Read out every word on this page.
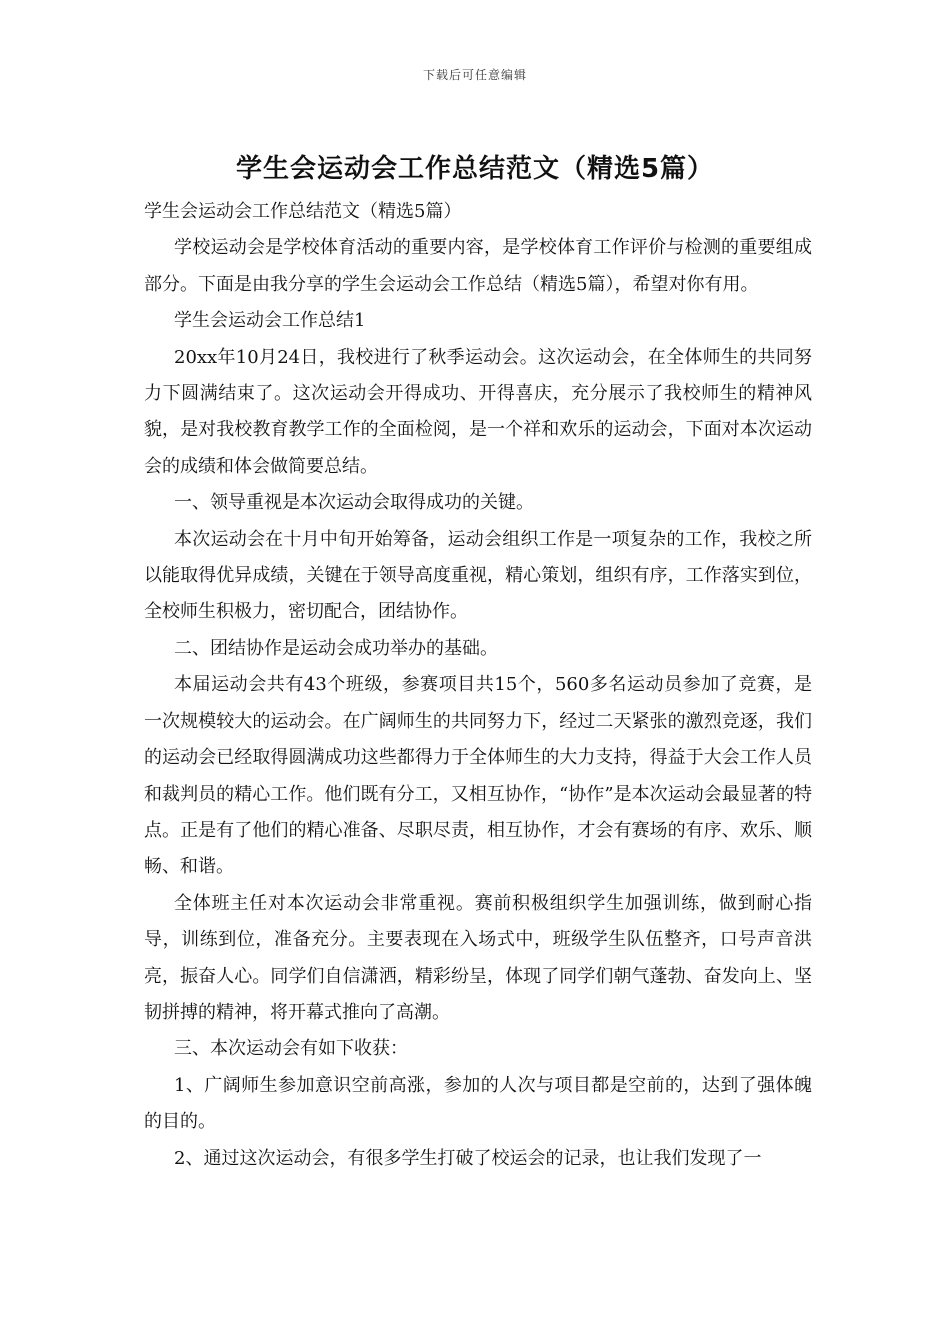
下载后可任意编辑
学生会运动会工作总结范文（精选5篇）

学生会运动会工作总结范文（精选5篇）

学校运动会是学校体育活动的重要内容，是学校体育工作评价与检测的重要组成部分。下面是由我分享的学生会运动会工作总结（精选5篇），希望对你有用。

学生会运动会工作总结1

20xx年10月24日，我校进行了秋季运动会。这次运动会，在全体师生的共同努力下圆满结束了。这次运动会开得成功、开得喜庆，充分展示了我校师生的精神风貌，是对我校教育教学工作的全面检阅，是一个祥和欢乐的运动会，下面对本次运动会的成绩和体会做简要总结。

一、领导重视是本次运动会取得成功的关键。

本次运动会在十月中旬开始筹备，运动会组织工作是一项复杂的工作，我校之所以能取得优异成绩，关键在于领导高度重视，精心策划，组织有序，工作落实到位，全校师生积极力，密切配合，团结协作。

二、团结协作是运动会成功举办的基础。

本届运动会共有43个班级，参赛项目共15个，560多名运动员参加了竞赛，是一次规模较大的运动会。在广阔师生的共同努力下，经过二天紧张的激烈竞逐，我们的运动会已经取得圆满成功这些都得力于全体师生的大力支持，得益于大会工作人员和裁判员的精心工作。他们既有分工，又相互协作，“协作”是本次运动会最显著的特点。正是有了他们的精心准备、尽职尽责，相互协作，才会有赛场的有序、欢乐、顺畅、和谐。

全体班主任对本次运动会非常重视。赛前积极组织学生加强训练，做到耐心指导，训练到位，准备充分。主要表现在入场式中，班级学生队伍整齐，口号声音洪亮，振奋人心。同学们自信潇洒，精彩纷呈，体现了同学们朝气蓬勃、奋发向上、坚韧拼搏的精神，将开幕式推向了高潮。

三、本次运动会有如下收获：

1、广阔师生参加意识空前高涨，参加的人次与项目都是空前的，达到了强体魄的目的。

2、通过这次运动会，有很多学生打破了校运会的记录，也让我们发现了一
